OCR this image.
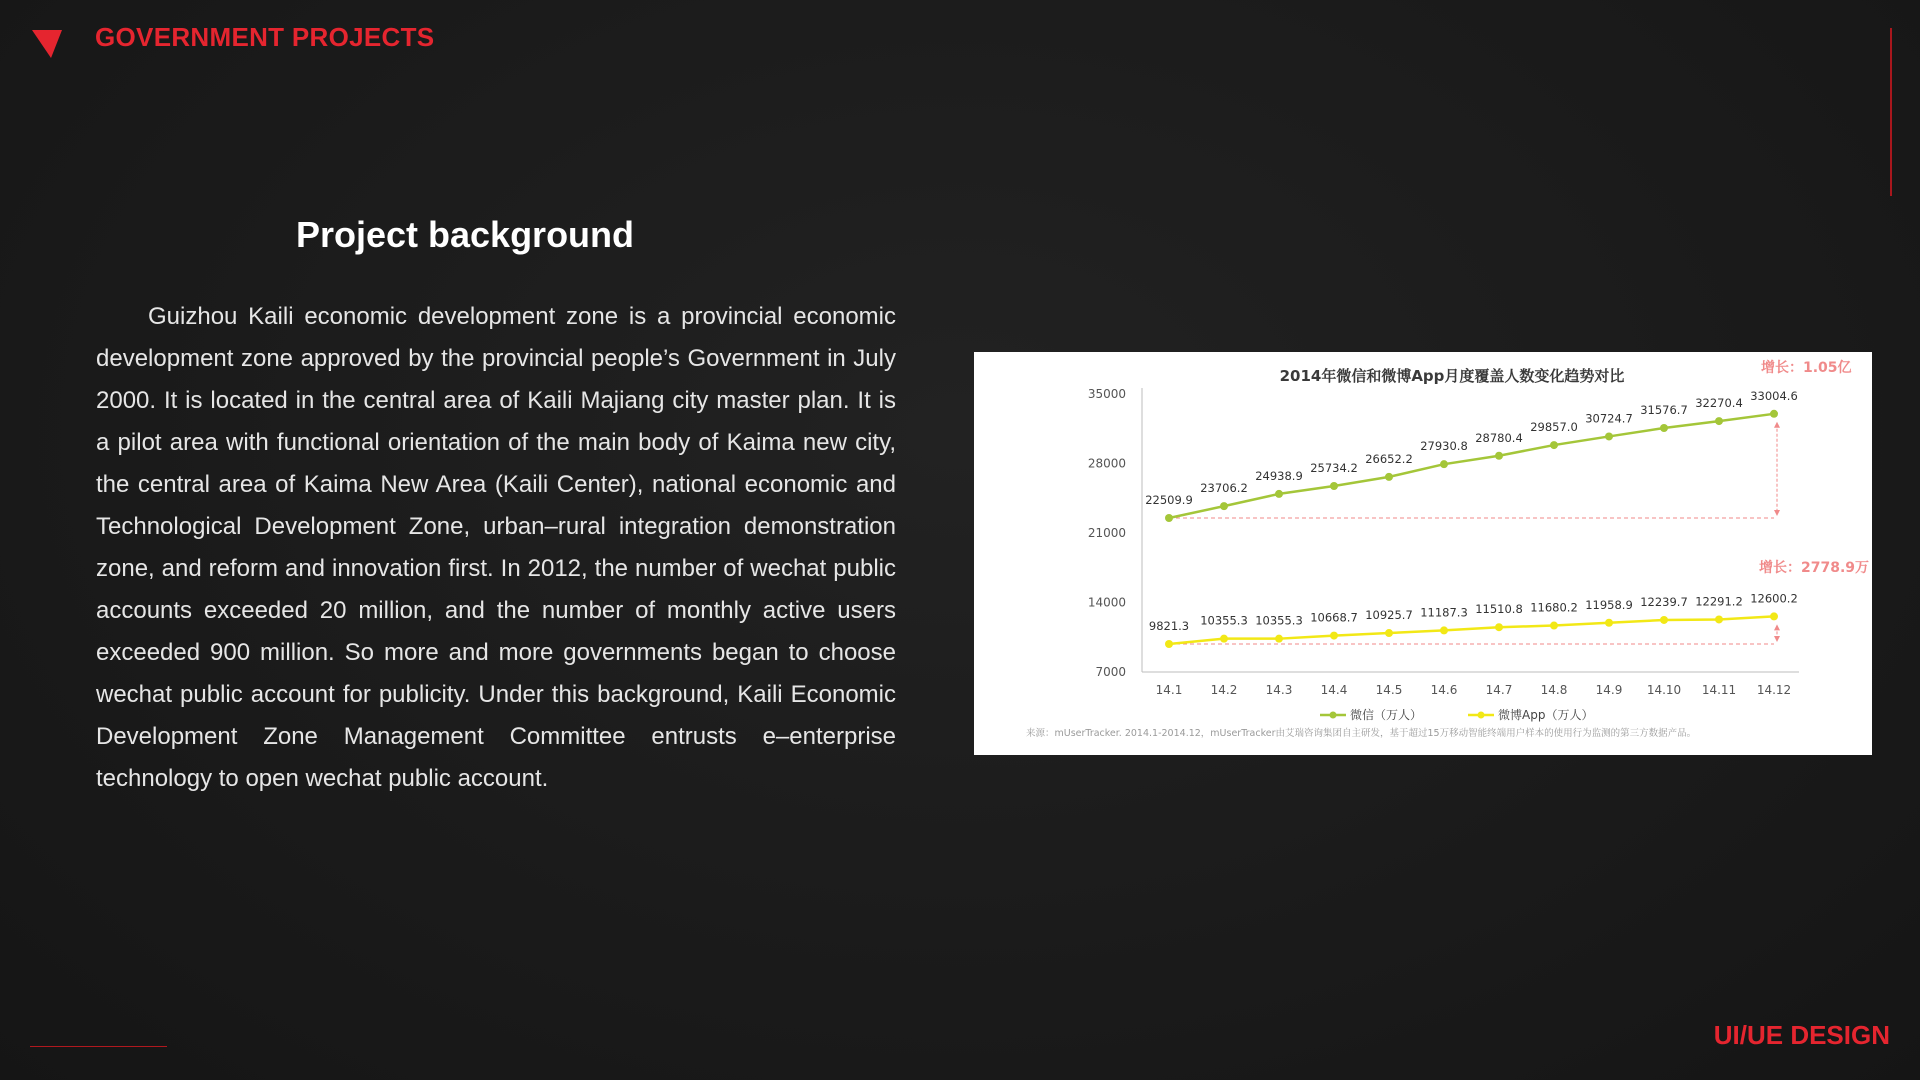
GOVERNMENT PROJECTS
Project background

Guizhou Kaili economic development zone is a provincial economic development zone approved by the provincial people’s Government in July 2000. It is located in the central area of Kaili Majiang city master plan. It is a pilot area with functional orientation of the main body of Kaima new city, the central area of Kaima New Area (Kaili Center), national economic and Technological Development Zone, urban–rural integration demonstration zone, and reform and innovation first. In 2012, the number of wechat public accounts exceeded 20 million, and the number of monthly active users exceeded 900 million. So more and more governments began to choose wechat public account for publicity. Under this background, Kaili Economic Development Zone Management Committee entrusts e–enterprise technology to open wechat public account.

2014年微信和微博App月度覆盖人数变化趋势对比	增长：1.05亿
增长：2778.9万
35000
28000
21000
14000
7000
14.1 14.2 14.3 14.4 14.5 14.6 14.7 14.8 14.9 14.10 14.11 14.12
22509.9
23706.2
24938.9
25734.2
26652.2
27930.8
28780.4
29857.0
30724.7
31576.7 32270.4
33004.6
9821.3 10355.3 10355.3 10668.7 10925.7 11187.3 11510.8 11680.2 11958.9 12239.7 12291.2 12600.2
微信（万人）	微博App（万人）
来源：mUserTracker. 2014.1-2014.12，mUserTracker由艾瑞咨询集团自主研发，基于超过15万移动智能终端用户样本的使用行为监测的第三方数据产品。
UI/UE DESIGN
